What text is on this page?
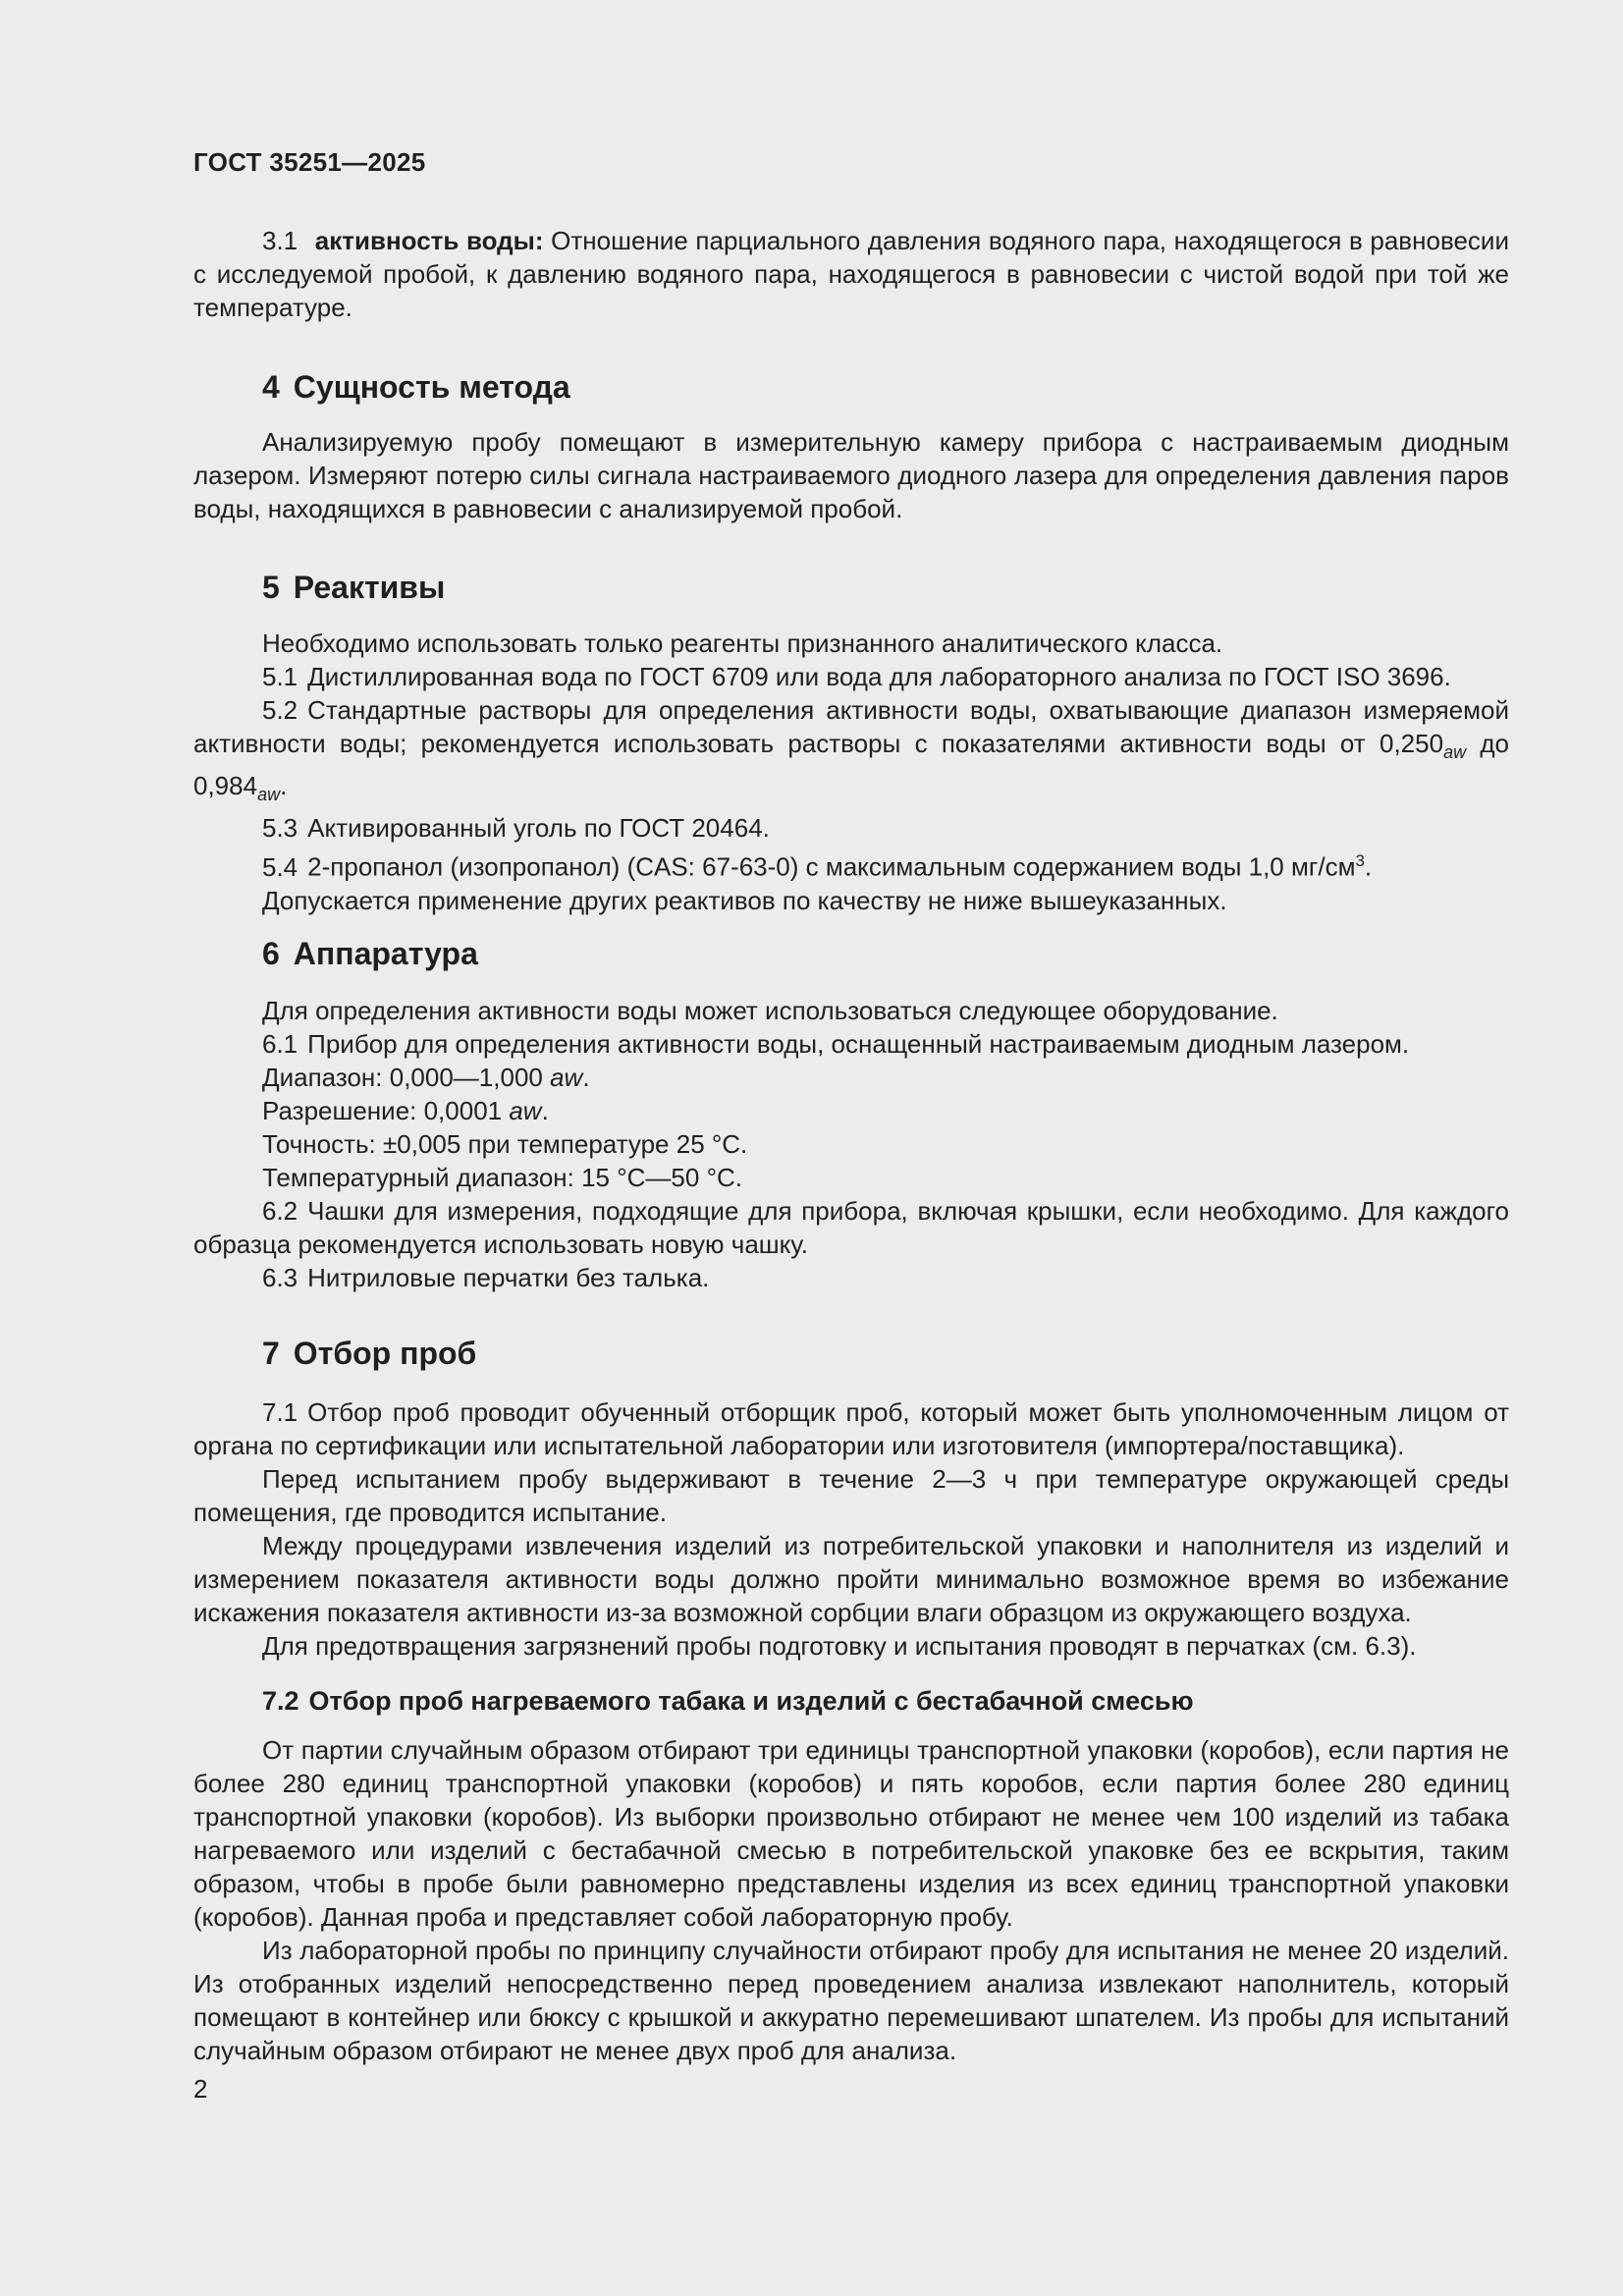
ГОСТ 35251—2025

3.1 активность воды: Отношение парциального давления водяного пара, находящегося в равновесии с исследуемой пробой, к давлению водяного пара, находящегося в равновесии с чистой водой при той же температуре.

4 Сущность метода

Анализируемую пробу помещают в измерительную камеру прибора с настраиваемым диодным лазером. Измеряют потерю силы сигнала настраиваемого диодного лазера для определения давления паров воды, находящихся в равновесии с анализируемой пробой.

5 Реактивы

Необходимо использовать только реагенты признанного аналитического класса.

5.1 Дистиллированная вода по ГОСТ 6709 или вода для лабораторного анализа по ГОСТ ISO 3696.

5.2 Стандартные растворы для определения активности воды, охватывающие диапазон измеряемой активности воды; рекомендуется использовать растворы с показателями активности воды от $0,250_{aw}$ до $0,984_{aw}$.

5.3 Активированный уголь по ГОСТ 20464.

5.4 2-пропанол (изопропанол) (CAS: 67-63-0) с максимальным содержанием воды 1,0 $мг/см^3$.

Допускается применение других реактивов по качеству не ниже вышеуказанных.

6 Аппаратура

Для определения активности воды может использоваться следующее оборудование.

6.1 Прибор для определения активности воды, оснащенный настраиваемым диодным лазером.

Диапазон: 0,000—1,000 aw.

Разрешение: 0,0001 aw.

Точность: ±0,005 при температуре 25 °С.

Температурный диапазон: 15 °С—50 °С.

6.2 Чашки для измерения, подходящие для прибора, включая крышки, если необходимо. Для каждого образца рекомендуется использовать новую чашку.

6.3 Нитриловые перчатки без талька.

7 Отбор проб

7.1 Отбор проб проводит обученный отборщик проб, который может быть уполномоченным лицом от органа по сертификации или испытательной лаборатории или изготовителя (импортера/поставщика).

Перед испытанием пробу выдерживают в течение 2—3 ч при температуре окружающей среды помещения, где проводится испытание.

Между процедурами извлечения изделий из потребительской упаковки и наполнителя из изделий и измерением показателя активности воды должно пройти минимально возможное время во избежание искажения показателя активности из-за возможной сорбции влаги образцом из окружающего воздуха.

Для предотвращения загрязнений пробы подготовку и испытания проводят в перчатках (см. 6.3).

7.2 Отбор проб нагреваемого табака и изделий с бестабачной смесью

От партии случайным образом отбирают три единицы транспортной упаковки (коробов), если партия не более 280 единиц транспортной упаковки (коробов) и пять коробов, если партия более 280 единиц транспортной упаковки (коробов). Из выборки произвольно отбирают не менее чем 100 изделий из табака нагреваемого или изделий с бестабачной смесью в потребительской упаковке без ее вскрытия, таким образом, чтобы в пробе были равномерно представлены изделия из всех единиц транспортной упаковки (коробов). Данная проба и представляет собой лабораторную пробу.

Из лабораторной пробы по принципу случайности отбирают пробу для испытания не менее 20 изделий. Из отобранных изделий непосредственно перед проведением анализа извлекают наполнитель, который помещают в контейнер или бюксу с крышкой и аккуратно перемешивают шпателем. Из пробы для испытаний случайным образом отбирают не менее двух проб для анализа.

2
